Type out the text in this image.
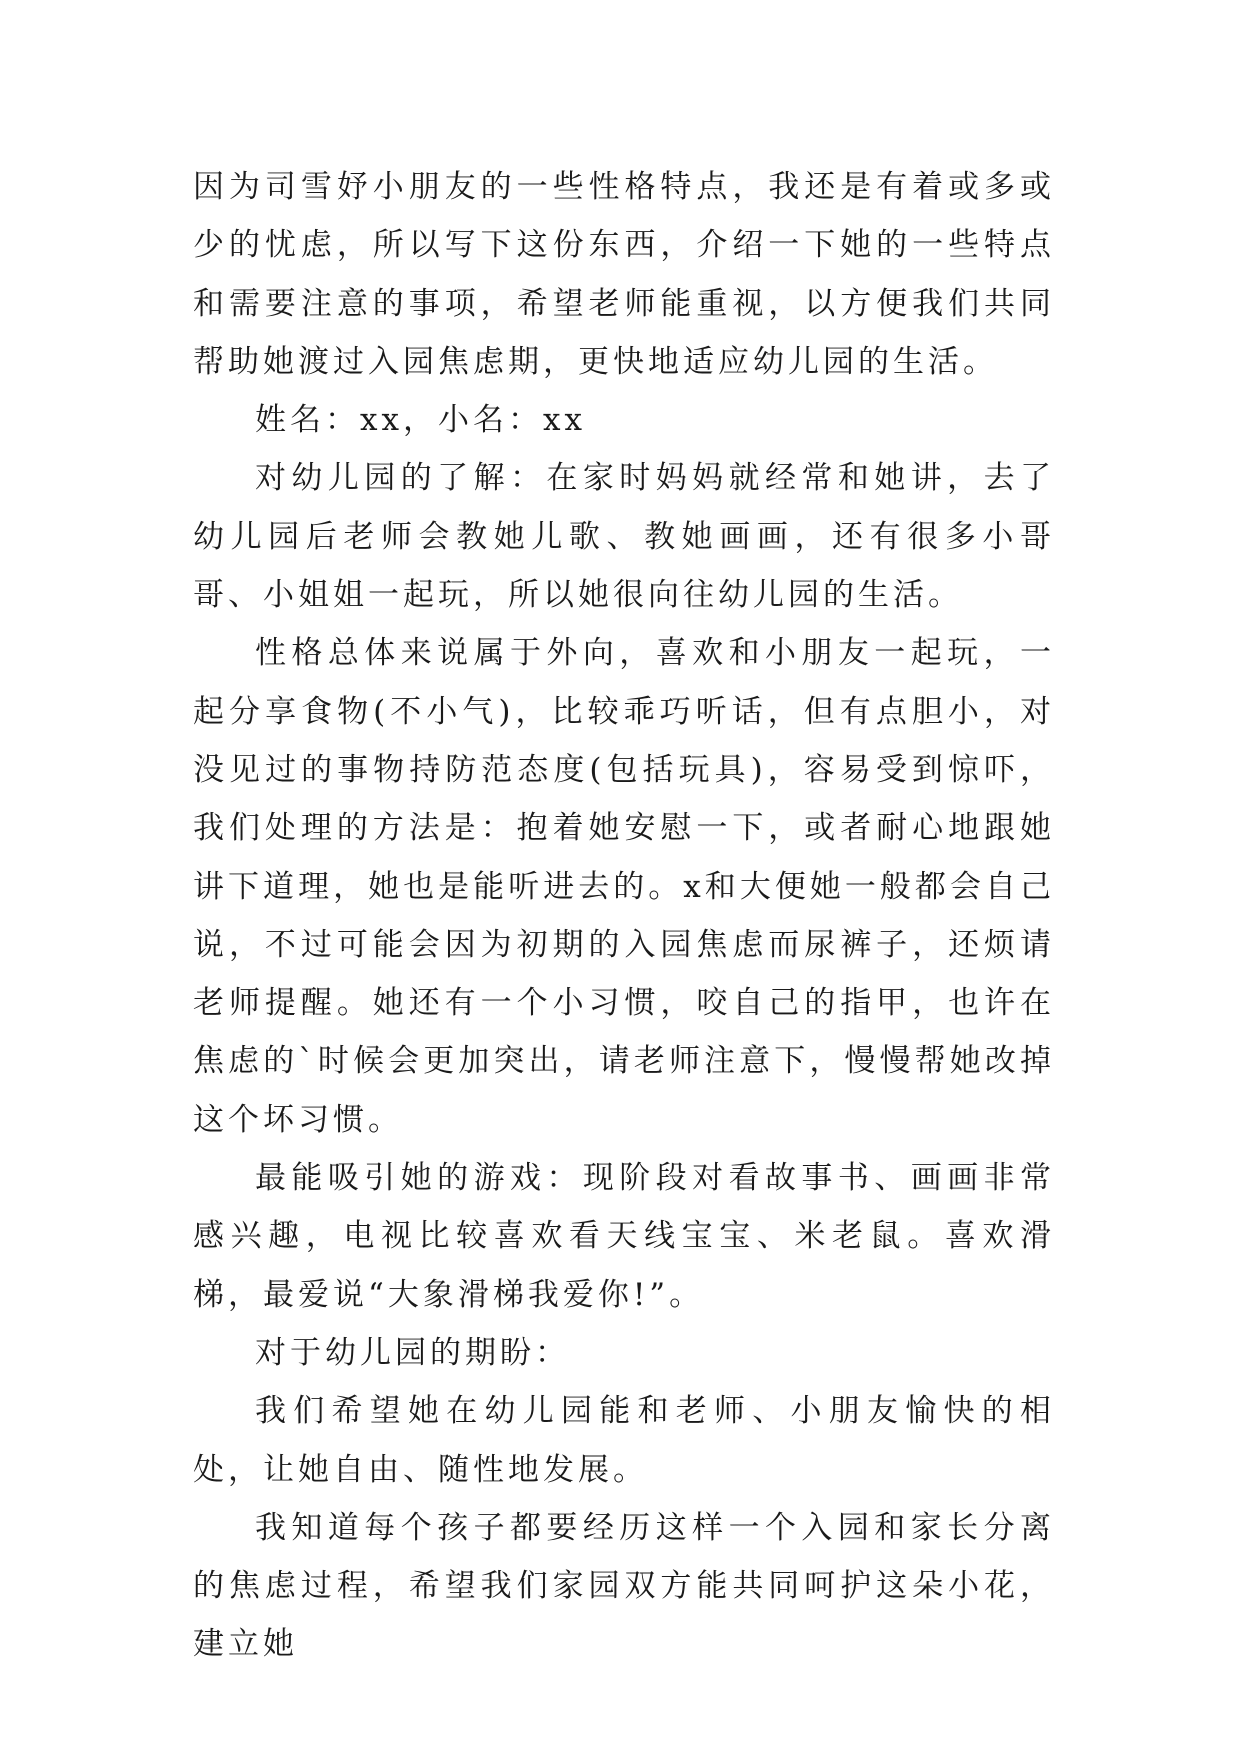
因为司雪妤小朋友的一些性格特点，我还是有着或多或少的忧虑，所以写下这份东西，介绍一下她的一些特点和需要注意的事项，希望老师能重视，以方便我们共同帮助她渡过入园焦虑期，更快地适应幼儿园的生活。

姓名：xx，小名：xx

对幼儿园的了解：在家时妈妈就经常和她讲，去了幼儿园后老师会教她儿歌、教她画画，还有很多小哥哥、小姐姐一起玩，所以她很向往幼儿园的生活。

性格总体来说属于外向，喜欢和小朋友一起玩，一起分享食物(不小气)，比较乖巧听话，但有点胆小，对没见过的事物持防范态度(包括玩具)，容易受到惊吓，我们处理的方法是：抱着她安慰一下，或者耐心地跟她讲下道理，她也是能听进去的。x和大便她一般都会自己说，不过可能会因为初期的入园焦虑而尿裤子，还烦请老师提醒。她还有一个小习惯，咬自己的指甲，也许在焦虑的`时候会更加突出，请老师注意下，慢慢帮她改掉这个坏习惯。

最能吸引她的游戏：现阶段对看故事书、画画非常感兴趣，电视比较喜欢看天线宝宝、米老鼠。喜欢滑梯，最爱说“大象滑梯我爱你!”。

对于幼儿园的期盼：

我们希望她在幼儿园能和老师、小朋友愉快的相处，让她自由、随性地发展。

我知道每个孩子都要经历这样一个入园和家长分离的焦虑过程，希望我们家园双方能共同呵护这朵小花，建立她
